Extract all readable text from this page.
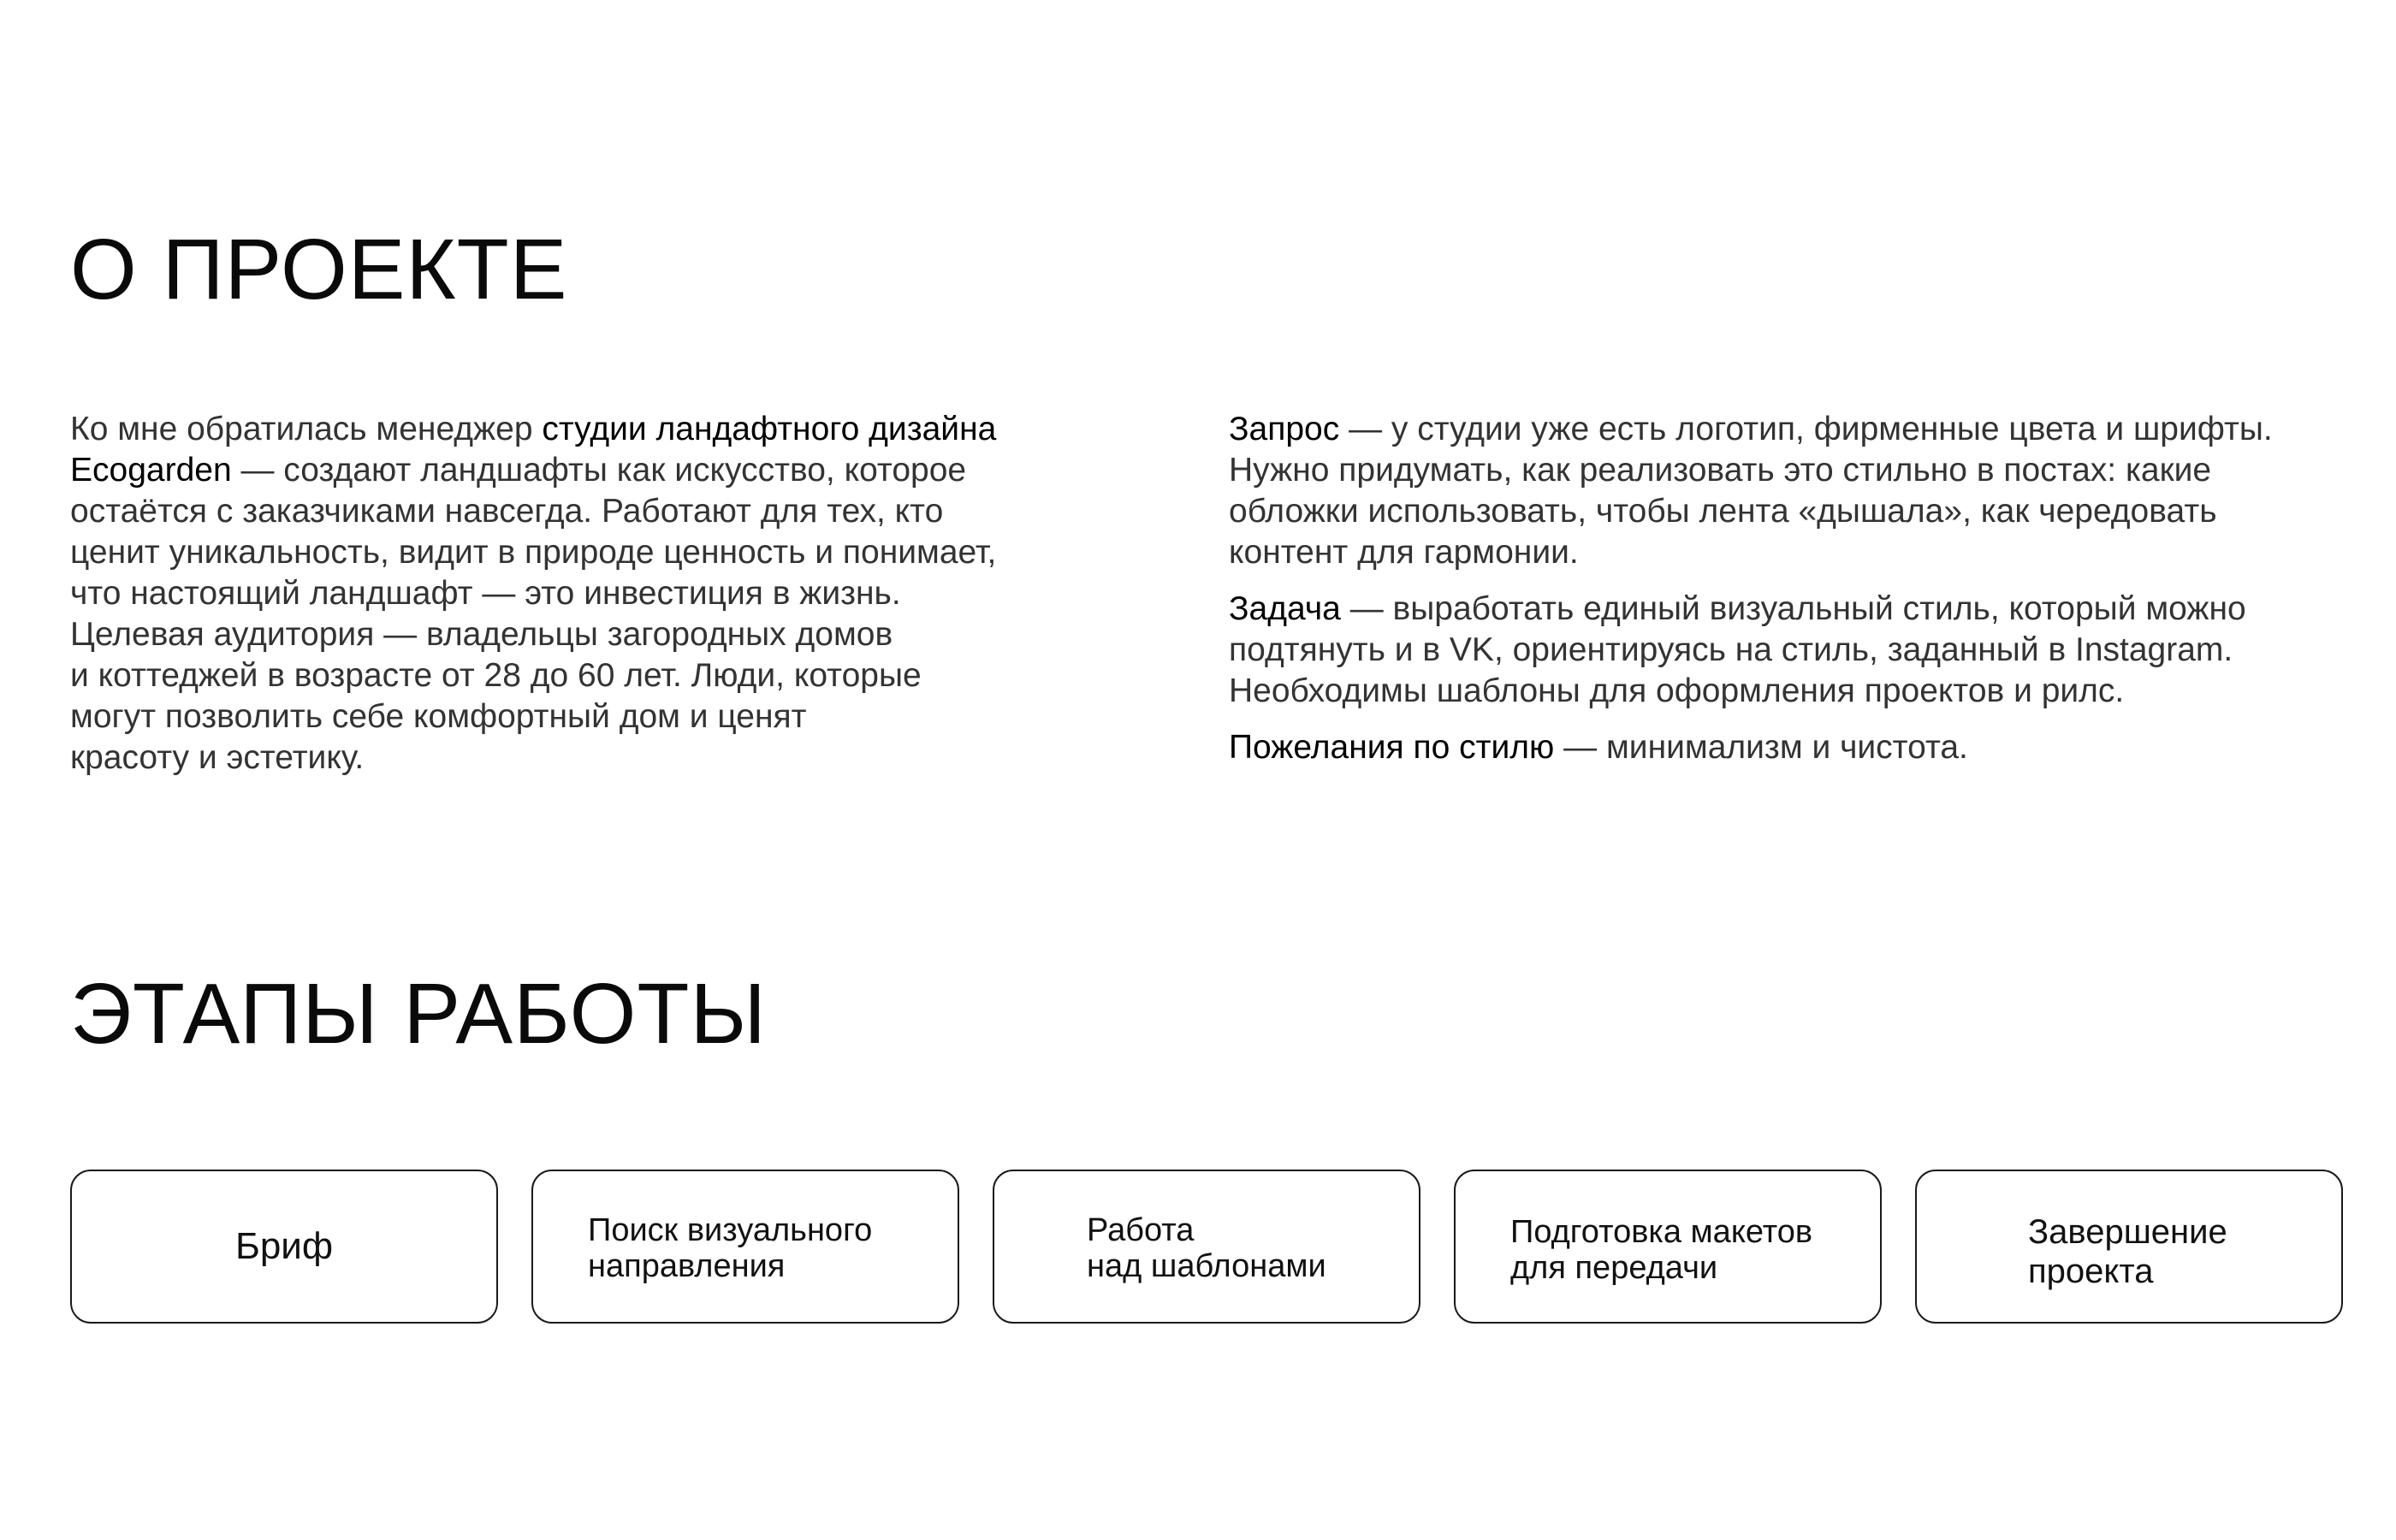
О ПРОЕКТЕ

Ко мне обратилась менеджер студии ландафтного дизайна
Ecogarden — создают ландшафты как искусство, которое
остаётся с заказчиками навсегда. Работают для тех, кто
ценит уникальность, видит в природе ценность и понимает,
что настоящий ландшафт — это инвестиция в жизнь.
Целевая аудитория — владельцы загородных домов
и коттеджей в возрасте от 28 до 60 лет. Люди, которые
могут позволить себе комфортный дом и ценят
красоту и эстетику.

Запрос — у студии уже есть логотип, фирменные цвета и шрифты.
Нужно придумать, как реализовать это стильно в постах: какие
обложки использовать, чтобы лента «дышала», как чередовать
контент для гармонии.

Задача — выработать единый визуальный стиль, который можно
подтянуть и в VK, ориентируясь на стиль, заданный в Instagram.
Необходимы шаблоны для оформления проектов и рилс.

Пожелания по стилю — минимализм и чистота.

ЭТАПЫ РАБОТЫ
Бриф	Поиск визуального
направления
Работа
над шаблонами
Подготовка макетов
для передачи
Завершение
проекта
